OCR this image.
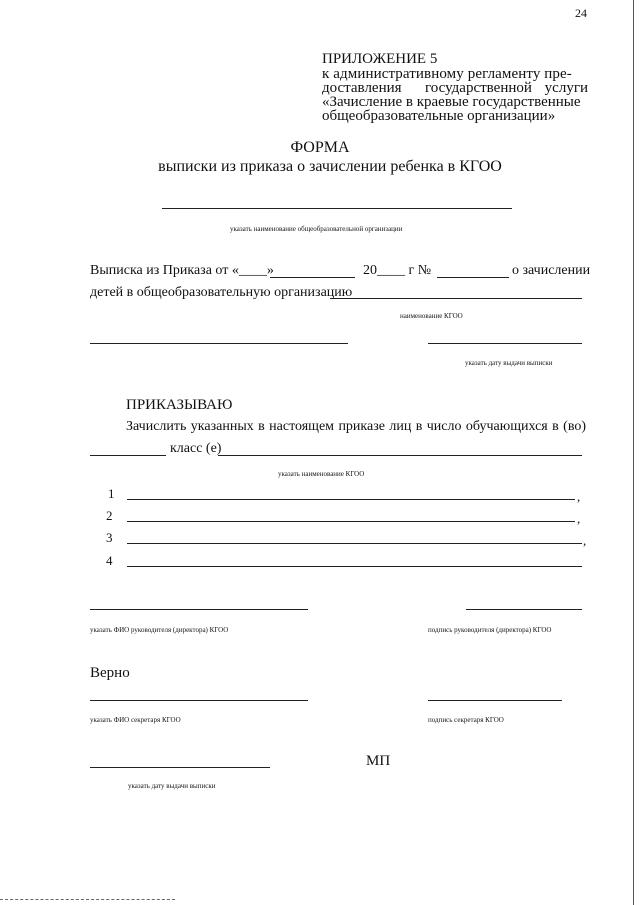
24
ПРИЛОЖЕНИЕ 5
к административному регламенту пре-
доставления государственной услуги
«Зачисление в краевые государственные
общеобразовательные организации»
ФОРМА
выписки из приказа о зачислении ребенка в КГОО
указать наименование общеобразовательной организации
Выписка из Приказа от «____»	20____ г №	о зачислении
детей в общеобразовательную организацию
наименование КГОО
указать дату выдачи выписки
ПРИКАЗЫВАЮ
Зачислить указанных в настоящем приказе лиц в число обучающихся в (во)
класс (е)
указать наименование КГОО
1	,
2	,
3	,
4
указать ФИО руководителя (директора) КГОО	подпись руководителя (директора) КГОО
Верно
указать ФИО секретаря КГОО	подпись секретаря КГОО
МП
указать дату выдачи выписки
